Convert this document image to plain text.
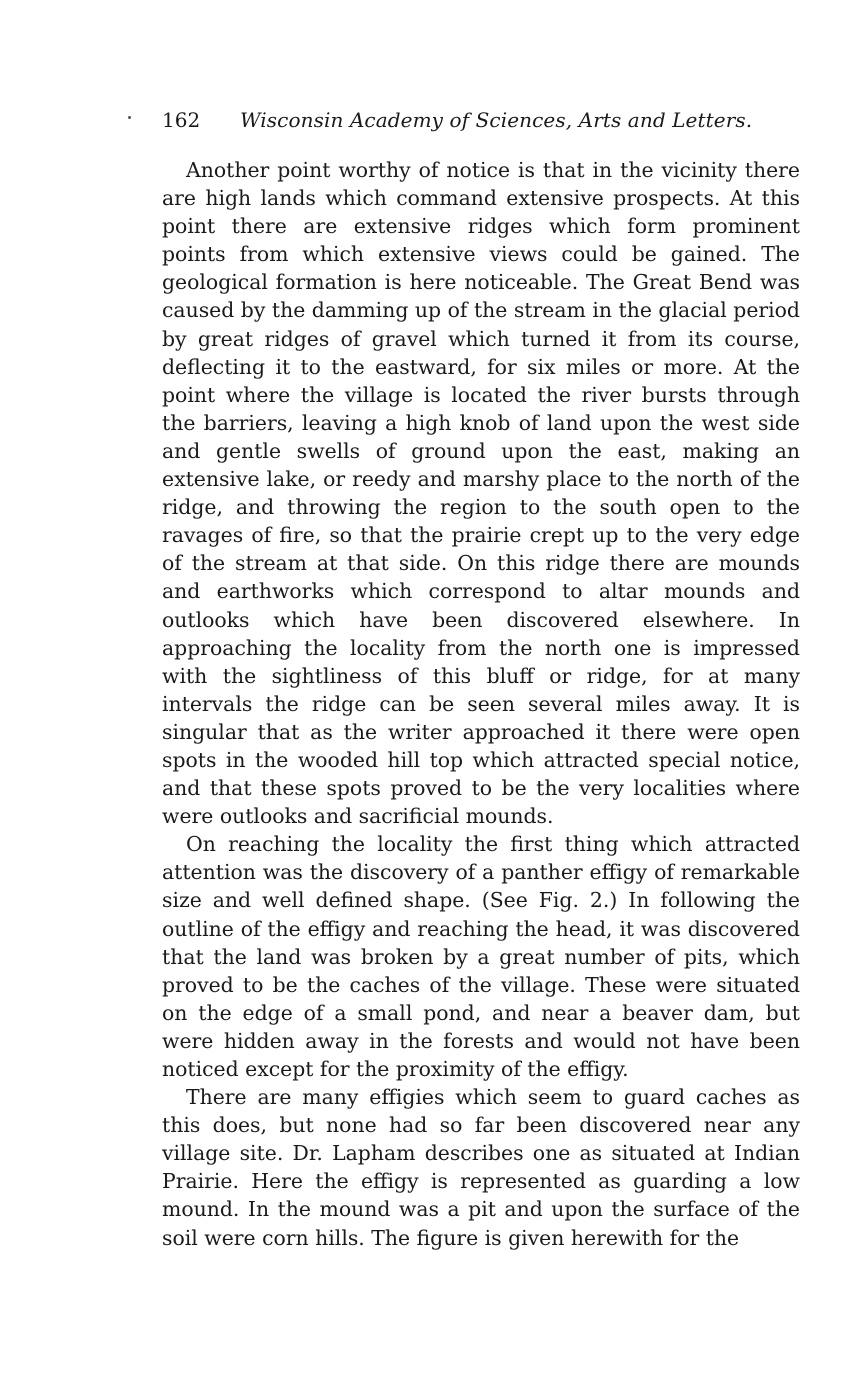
162 Wisconsin Academy of Sciences, Arts and Letters.

Another point worthy of notice is that in the vicinity there are high lands which command extensive prospects. At this point there are extensive ridges which form prominent points from which extensive views could be gained. The geological formation is here noticeable. The Great Bend was caused by the damming up of the stream in the glacial period by great ridges of gravel which turned it from its course, deflecting it to the eastward, for six miles or more. At the point where the village is located the river bursts through the barriers, leaving a high knob of land upon the west side and gentle swells of ground upon the east, making an extensive lake, or reedy and marshy place to the north of the ridge, and throwing the region to the south open to the ravages of fire, so that the prairie crept up to the very edge of the stream at that side. On this ridge there are mounds and earthworks which correspond to altar mounds and outlooks which have been discovered elsewhere. In approaching the locality from the north one is impressed with the sightliness of this bluff or ridge, for at many intervals the ridge can be seen several miles away. It is singular that as the writer approached it there were open spots in the wooded hill top which attracted special notice, and that these spots proved to be the very localities where were outlooks and sacrificial mounds.

On reaching the locality the first thing which attracted attention was the discovery of a panther effigy of remarkable size and well defined shape. (See Fig. 2.) In following the outline of the effigy and reaching the head, it was discovered that the land was broken by a great number of pits, which proved to be the caches of the village. These were situated on the edge of a small pond, and near a beaver dam, but were hidden away in the forests and would not have been noticed except for the proximity of the effigy.

There are many effigies which seem to guard caches as this does, but none had so far been discovered near any village site. Dr. Lapham describes one as situated at Indian Prairie. Here the effigy is represented as guarding a low mound. In the mound was a pit and upon the surface of the soil were corn hills. The figure is given herewith for the
